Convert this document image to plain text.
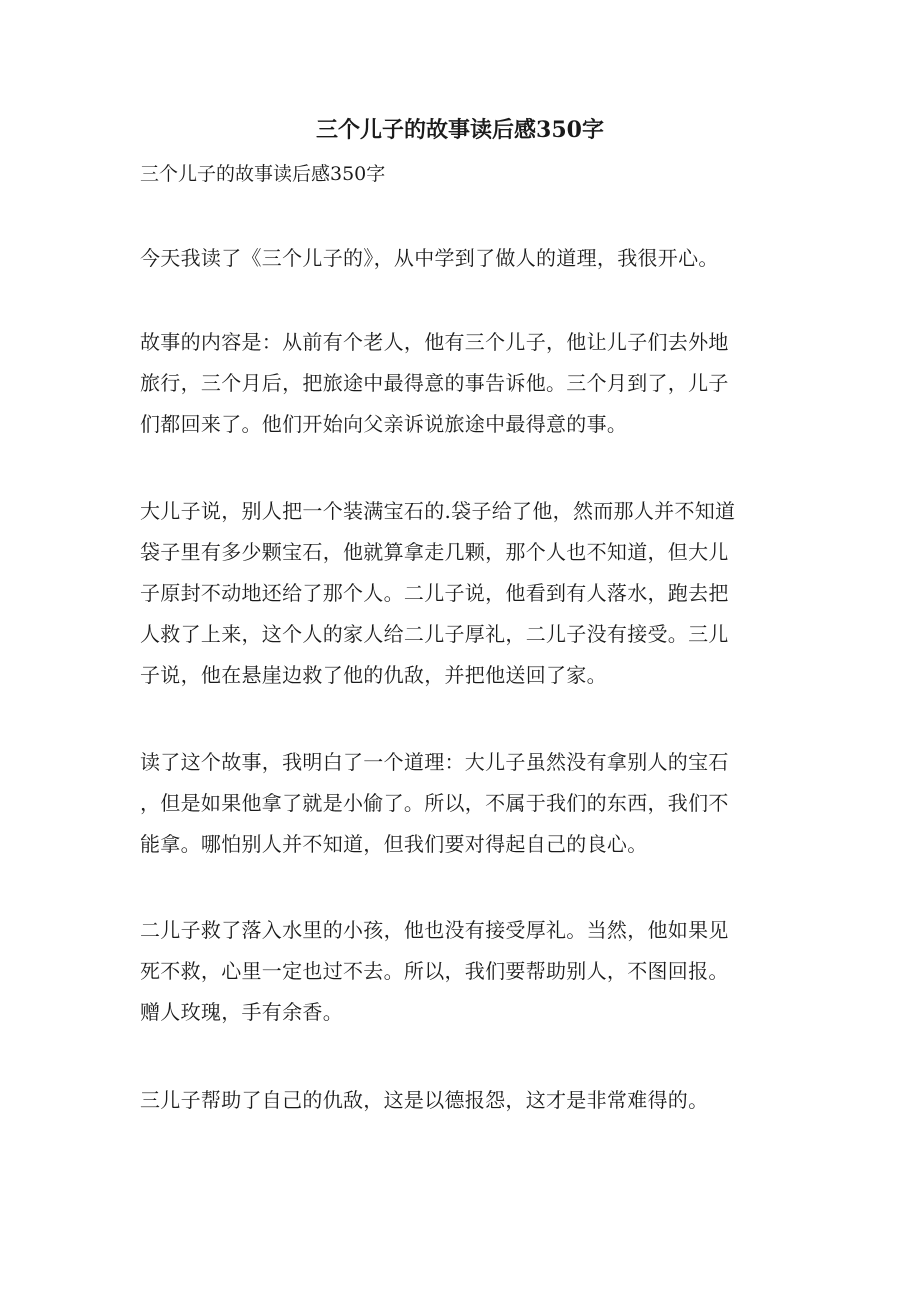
三个儿子的故事读后感350字

三个儿子的故事读后感350字

今天我读了《三个儿子的》，从中学到了做人的道理，我很开心。
故事的内容是：从前有个老人，他有三个儿子，他让儿子们去外地
旅行，三个月后，把旅途中最得意的事告诉他。三个月到了，儿子
们都回来了。他们开始向父亲诉说旅途中最得意的事。
大儿子说，别人把一个装满宝石的.袋子给了他，然而那人并不知道
袋子里有多少颗宝石，他就算拿走几颗，那个人也不知道，但大儿
子原封不动地还给了那个人。二儿子说，他看到有人落水，跑去把
人救了上来，这个人的家人给二儿子厚礼，二儿子没有接受。三儿
子说，他在悬崖边救了他的仇敌，并把他送回了家。
读了这个故事，我明白了一个道理：大儿子虽然没有拿别人的宝石
，但是如果他拿了就是小偷了。所以，不属于我们的东西，我们不
能拿。哪怕别人并不知道，但我们要对得起自己的良心。
二儿子救了落入水里的小孩，他也没有接受厚礼。当然，他如果见
死不救，心里一定也过不去。所以，我们要帮助别人，不图回报。
赠人玫瑰，手有余香。
三儿子帮助了自己的仇敌，这是以德报怨，这才是非常难得的。
